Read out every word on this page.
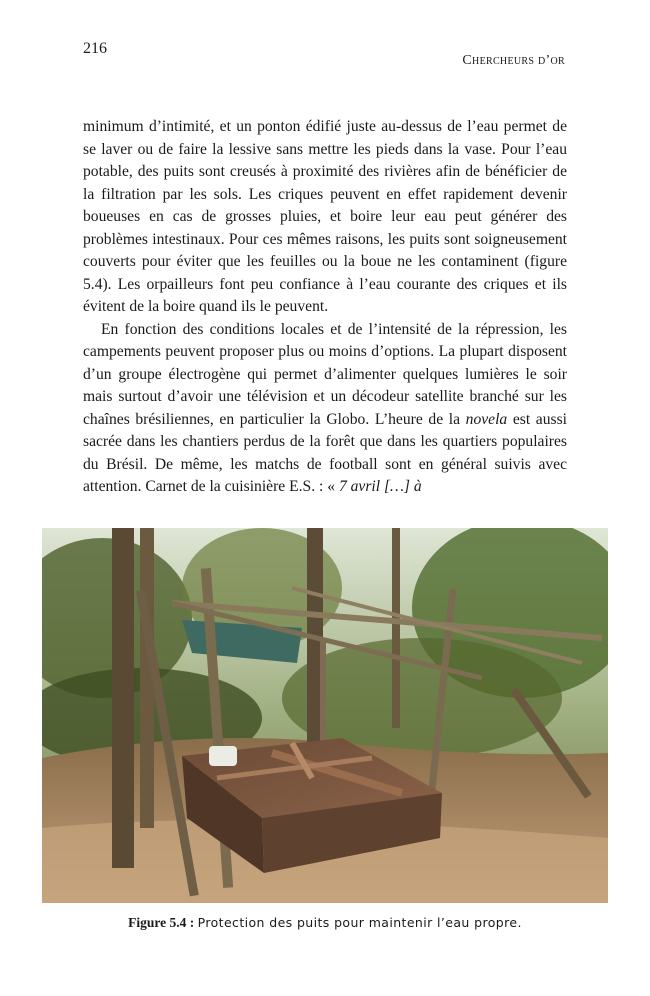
216
Chercheurs d’or

minimum d’intimité, et un ponton édifié juste au-dessus de l’eau permet de se laver ou de faire la lessive sans mettre les pieds dans la vase. Pour l’eau potable, des puits sont creusés à proximité des rivières afin de bénéficier de la filtration par les sols. Les criques peuvent en effet rapidement devenir boueuses en cas de grosses pluies, et boire leur eau peut générer des problèmes intestinaux. Pour ces mêmes raisons, les puits sont soigneusement couverts pour éviter que les feuilles ou la boue ne les contaminent (figure 5.4). Les orpailleurs font peu confiance à l’eau courante des criques et ils évitent de la boire quand ils le peuvent.

En fonction des conditions locales et de l’intensité de la répression, les campements peuvent proposer plus ou moins d’options. La plupart disposent d’un groupe électrogène qui permet d’alimenter quelques lumières le soir mais surtout d’avoir une télévision et un décodeur satellite branché sur les chaînes brésiliennes, en particulier la Globo. L’heure de la novela est aussi sacrée dans les chantiers perdus de la forêt que dans les quartiers populaires du Brésil. De même, les matchs de football sont en général suivis avec attention. Carnet de la cuisinière E.S. : « 7 avril […] à

Figure 5.4 : Protection des puits pour maintenir l’eau propre.
